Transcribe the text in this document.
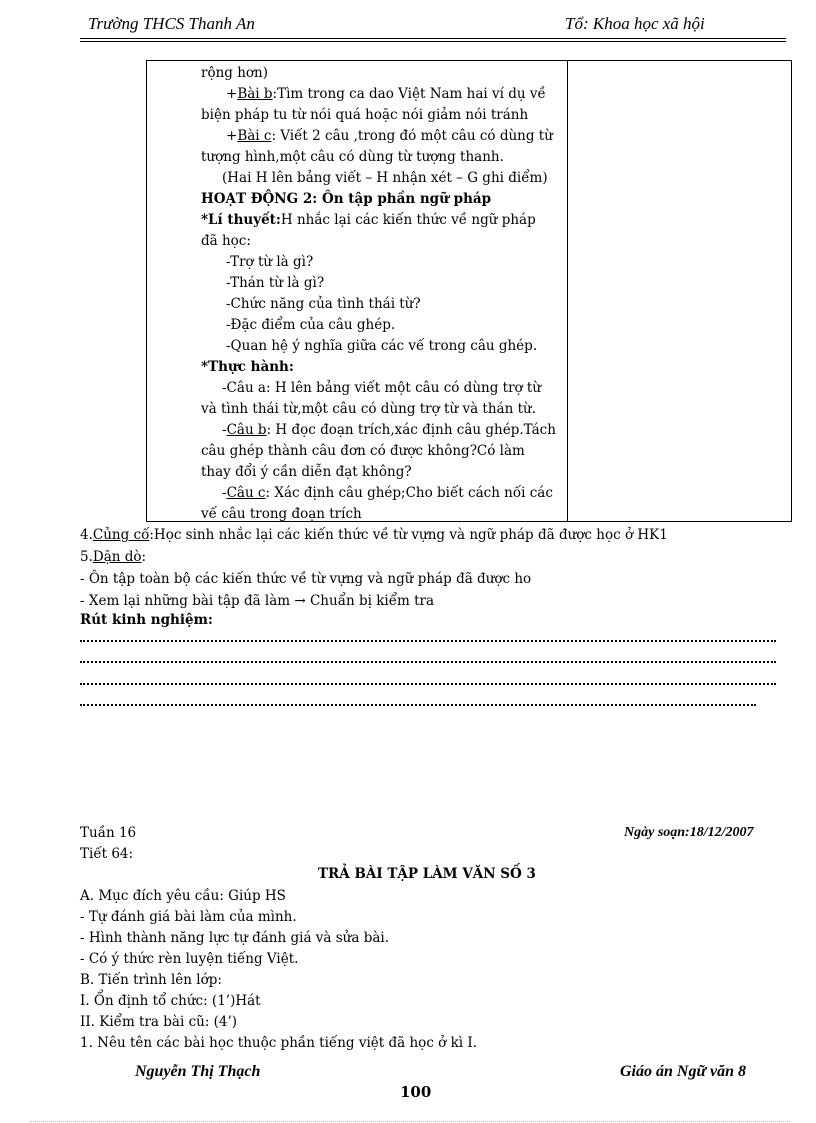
Trường THCS Thanh An	Tổ: Khoa học xã hội
rộng hơn)
+Bài b:Tìm trong ca dao Việt Nam hai ví dụ về
biện pháp tu từ nói quá hoặc nói giảm nói tránh
+Bài c: Viết 2 câu ,trong đó một câu có dùng từ
tượng hình,một câu có dùng từ tượng thanh.
(Hai H lên bảng viết – H nhận xét – G ghi điểm)
HOẠT ĐỘNG 2: Ôn tập phần ngữ pháp
*Lí thuyết:H nhắc lại các kiến thức về ngữ pháp
đã học:
-Trợ từ là gì?
-Thán từ là gì?
-Chức năng của tình thái từ?
-Đặc điểm của câu ghép.
-Quan hệ ý nghĩa giữa các vế trong câu ghép.
*Thực hành:
-Câu a: H lên bảng viết một câu có dùng trợ từ
và tình thái từ,một câu có dùng trợ từ và thán từ.
-Câu b: H đọc đoạn trích,xác định câu ghép.Tách
câu ghép thành câu đơn có được không?Có làm
thay đổi ý cần diễn đạt không?
-Câu c: Xác định câu ghép;Cho biết cách nối các
vế câu trong đoạn trích
4.Củng cố:Học sinh nhắc lại các kiến thức về từ vựng và ngữ pháp đã được học ở HK1
5.Dặn dò:
- Ôn tập toàn bộ các kiến thức về từ vựng và ngữ pháp đã được ho
- Xem lại những bài tập đã làm → Chuẩn bị kiểm tra
Rút kinh nghiệm:
Tuần 16
Tiết 64:
Ngày soạn:18/12/2007
TRẢ BÀI TẬP LÀM VĂN SỐ 3
A. Mục đích yêu cầu: Giúp HS
- Tự đánh giá bài làm của mình.
- Hình thành năng lực tự đánh giá và sửa bài.
- Có ý thức rèn luyện tiếng Việt.
B. Tiến trình lên lớp:
I. Ổn định tổ chức: (1’)Hát
II. Kiểm tra bài cũ: (4’)
1. Nêu tên các bài học thuộc phần tiếng việt đã học ở kì I.
Nguyễn Thị Thạch	Giáo án Ngữ văn 8
100
